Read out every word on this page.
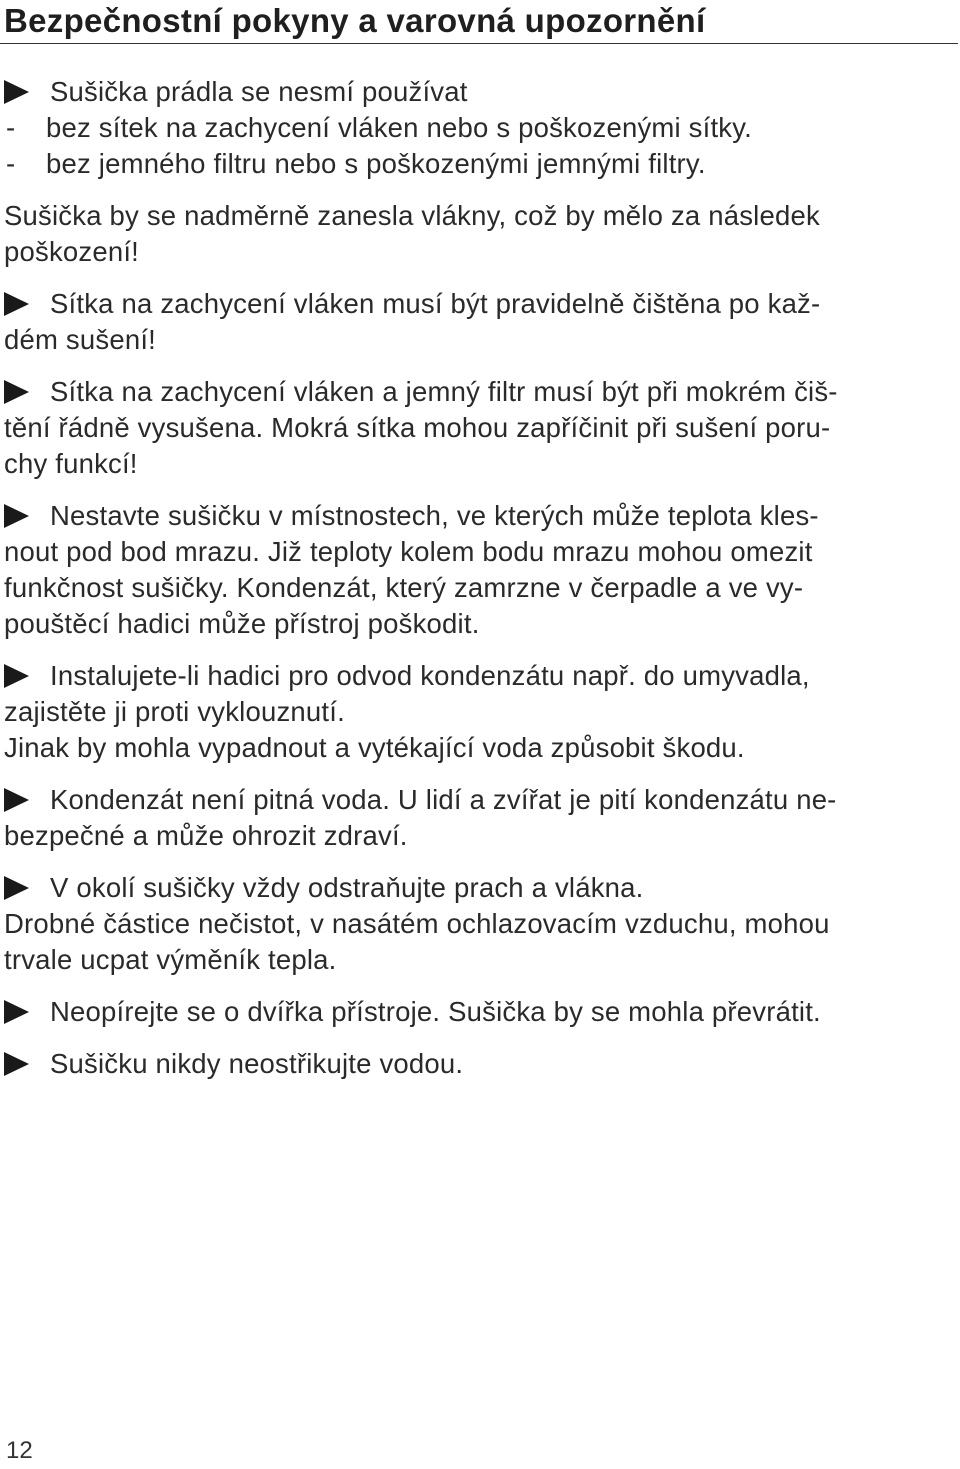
Bezpečnostní pokyny a varovná upozornění

Sušička prádla se nesmí používat

- bez sítek na zachycení vláken nebo s poškozenými sítky.

- bez jemného filtru nebo s poškozenými jemnými filtry.

Sušička by se nadměrně zanesla vlákny, což by mělo za následek

poškození!

Sítka na zachycení vláken musí být pravidelně čištěna po kaž-

dém sušení!

Sítka na zachycení vláken a jemný filtr musí být při mokrém čiš-

tění řádně vysušena. Mokrá sítka mohou zapříčinit při sušení poru-

chy funkcí!

Nestavte sušičku v místnostech, ve kterých může teplota kles-

nout pod bod mrazu. Již teploty kolem bodu mrazu mohou omezit

funkčnost sušičky. Kondenzát, který zamrzne v čerpadle a ve vy-

pouštěcí hadici může přístroj poškodit.

Instalujete-li hadici pro odvod kondenzátu např. do umyvadla,

zajistěte ji proti vyklouznutí.

Jinak by mohla vypadnout a vytékající voda způsobit škodu.

Kondenzát není pitná voda. U lidí a zvířat je pití kondenzátu ne-

bezpečné a může ohrozit zdraví.

V okolí sušičky vždy odstraňujte prach a vlákna.

Drobné částice nečistot, v nasátém ochlazovacím vzduchu, mohou

trvale ucpat výměník tepla.

Neopírejte se o dvířka přístroje. Sušička by se mohla převrátit.

Sušičku nikdy neostřikujte vodou.

12
